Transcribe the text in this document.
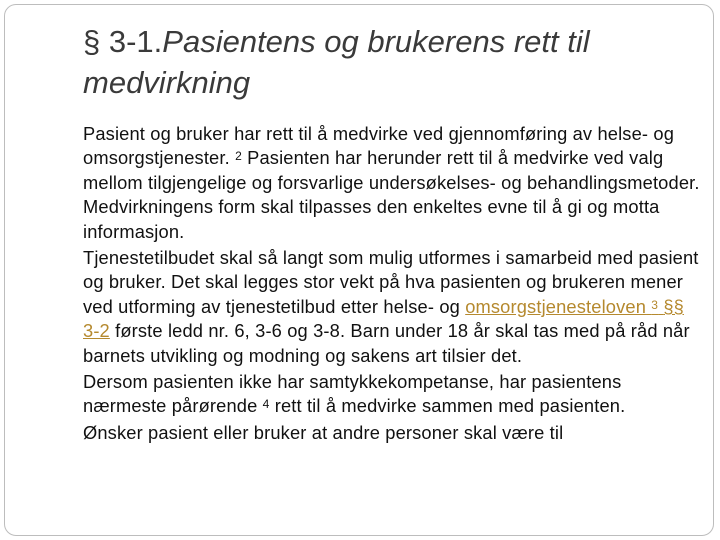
§ 3-1.Pasientens og brukerens rett til medvirkning

Pasient og bruker har rett til å medvirke ved gjennomføring av helse- og omsorgstjenester. $^2$ Pasienten har herunder rett til å medvirke ved valg mellom tilgjengelige og forsvarlige undersøkelses- og behandlingsmetoder. Medvirkningens form skal tilpasses den enkeltes evne til å gi og motta informasjon.

Tjenestetilbudet skal så langt som mulig utformes i samarbeid med pasient og bruker. Det skal legges stor vekt på hva pasienten og brukeren mener ved utforming av tjenestetilbud etter helse- og omsorgstjenesteloven $^3$ §§ 3-2 første ledd nr. 6, 3-6 og 3-8. Barn under 18 år skal tas med på råd når barnets utvikling og modning og sakens art tilsier det.

Dersom pasienten ikke har samtykkekompetanse, har pasientens nærmeste pårørende $^4$ rett til å medvirke sammen med pasienten.

Ønsker pasient eller bruker at andre personer skal være til
